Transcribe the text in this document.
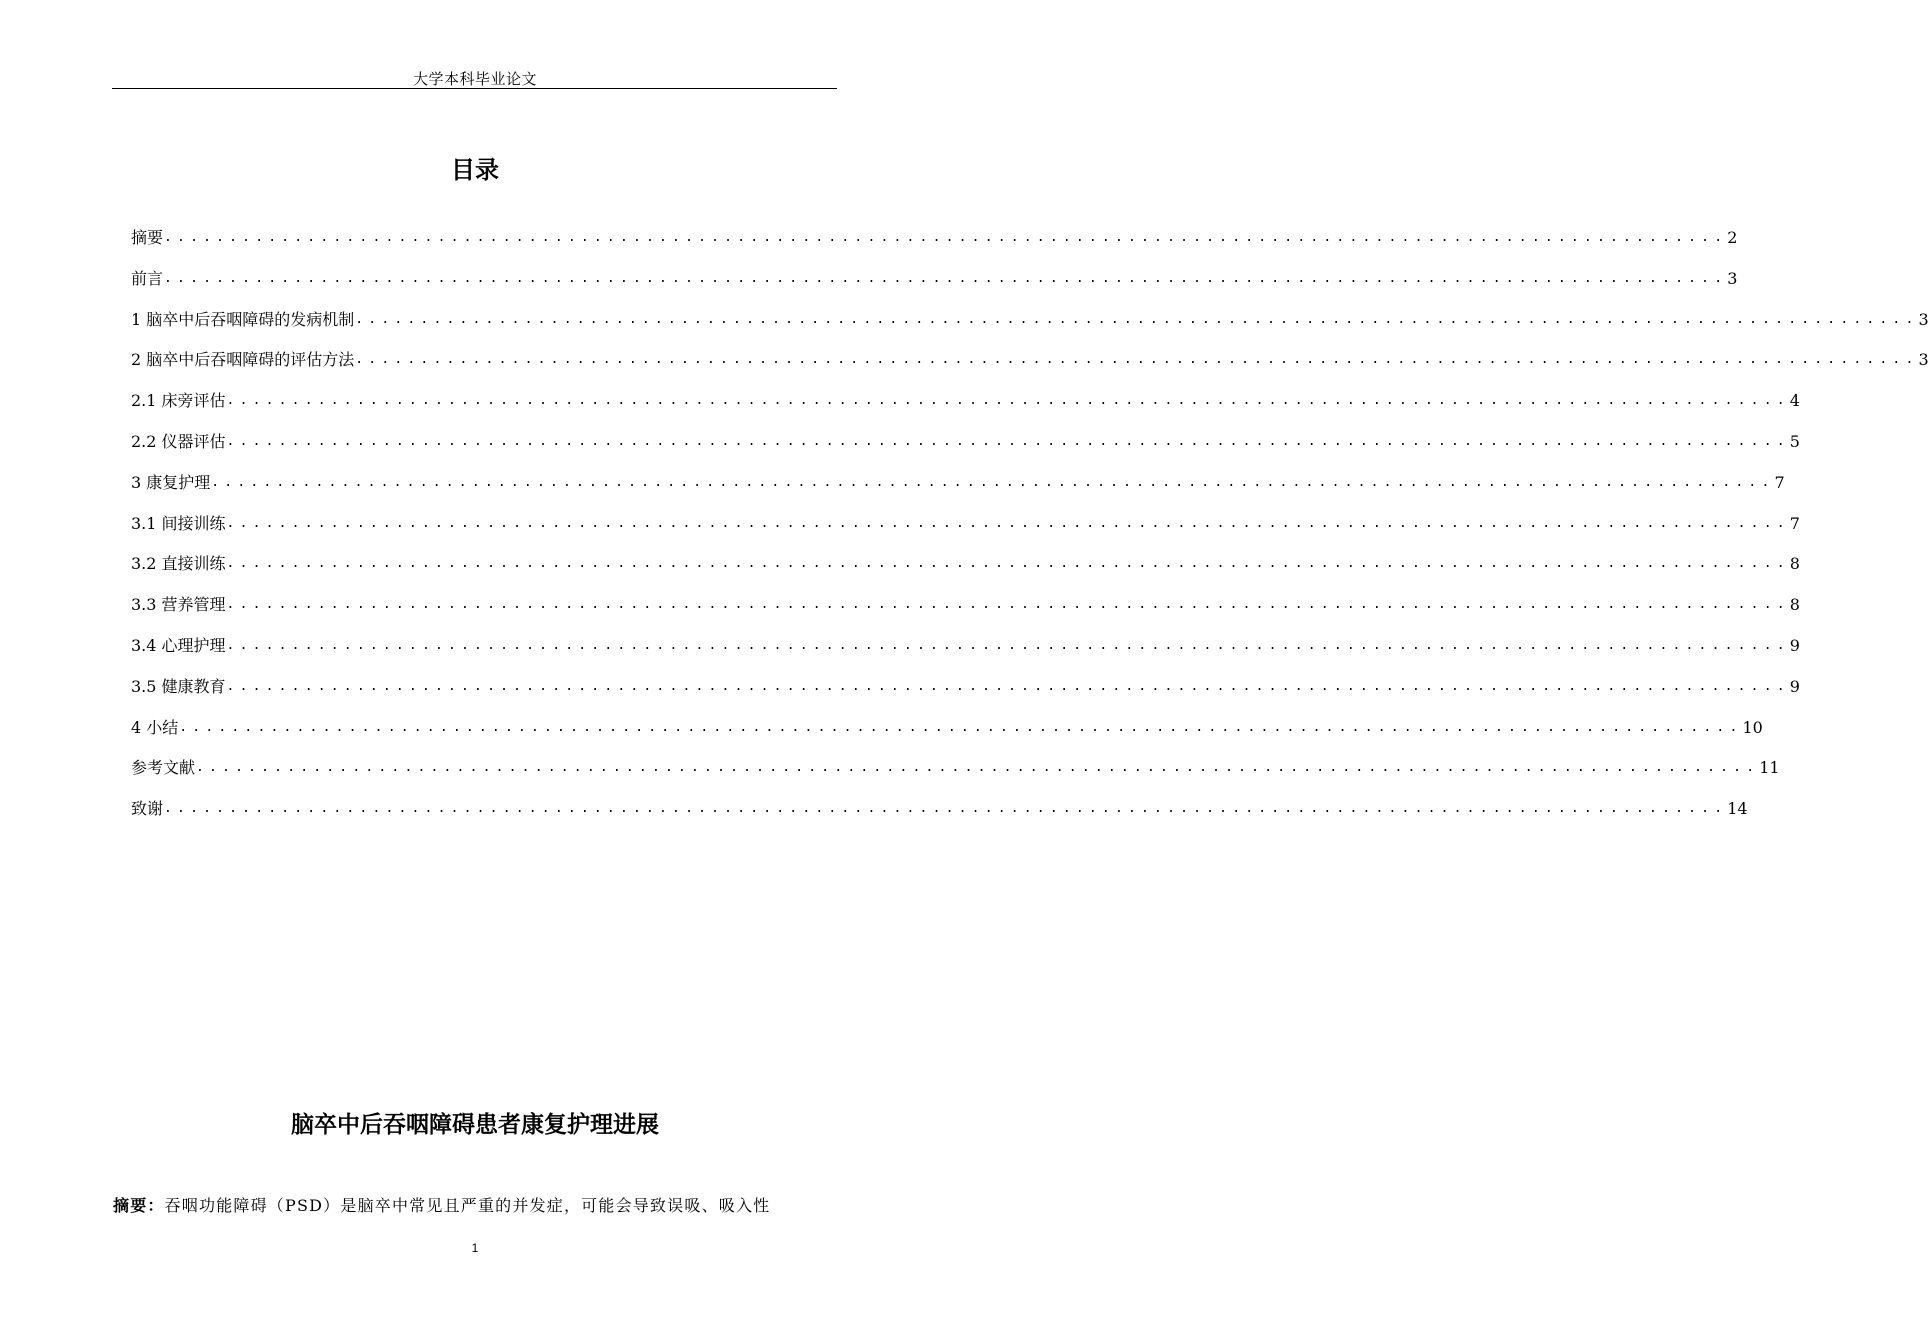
大学本科毕业论文
目录
摘要 ........................................................................................................................ 2
前言 ........................................................................................................................ 3
1 脑卒中后吞咽障碍的发病机制 ........................................................................................................................ 3
2 脑卒中后吞咽障碍的评估方法 ........................................................................................................................ 3
2.1 床旁评估 ........................................................................................................................ 4
2.2 仪器评估 ........................................................................................................................ 5
3 康复护理 ........................................................................................................................ 7
3.1 间接训练 ........................................................................................................................ 7
3.2 直接训练 ........................................................................................................................ 8
3.3 营养管理 ........................................................................................................................ 8
3.4 心理护理 ........................................................................................................................ 9
3.5 健康教育 ........................................................................................................................ 9
4 小结 ........................................................................................................................ 10
参考文献 ........................................................................................................................ 11
致谢 ........................................................................................................................ 14
脑卒中后吞咽障碍患者康复护理进展
摘要：吞咽功能障碍（PSD）是脑卒中常见且严重的并发症，可能会导致误吸、吸入性
1
